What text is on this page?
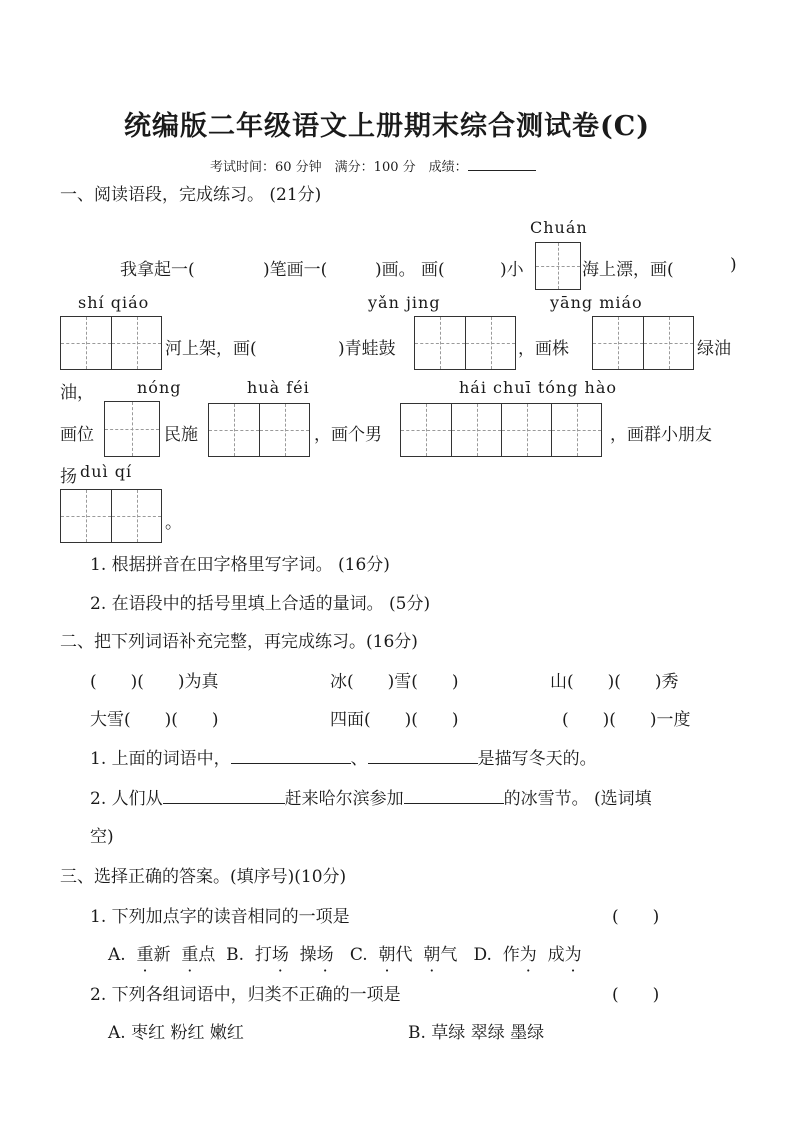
统编版二年级语文上册期末综合测试卷(C)
考试时间：60 分钟　满分：100 分　成绩：
一、阅读语段，完成练习。 (21分)
Chuán
我拿起一(	)笔画一(	)画。 画(	)小	海上漂，画(	)
shí qiáo	yǎn jing	yāng miáo
河上架，画(	)青蛙鼓	，画株	绿油
油，	nóng	huà féi	hái chuī tóng hào
画位	民施	，画个男	，画群小朋友
扬 duì qí
。
1. 根据拼音在田字格里写字词。 (16分)
2. 在语段中的括号里填上合适的量词。 (5分)
二、把下列词语补充完整，再完成练习。(16分)
(　　)(　　)为真	冰(　　)雪(　　)	山(　　)(　　)秀
大雪(　　)(　　)	四面(　　)(　　)	(　　)(　　)一度
1. 上面的词语中，	、	是描写冬天的。
2. 人们从	赶来哈尔滨参加	的冰雪节。 (选词填
空)
三、选择正确的答案。(填序号)(10分)
1. 下列加点字的读音相同的一项是	(　　)
A. 重新 重点 B. 打场 操场 C. 朝代 朝气 D. 作为 成为
2. 下列各组词语中，归类不正确的一项是	(　　)
A. 枣红 粉红 嫩红	B. 草绿 翠绿 墨绿
